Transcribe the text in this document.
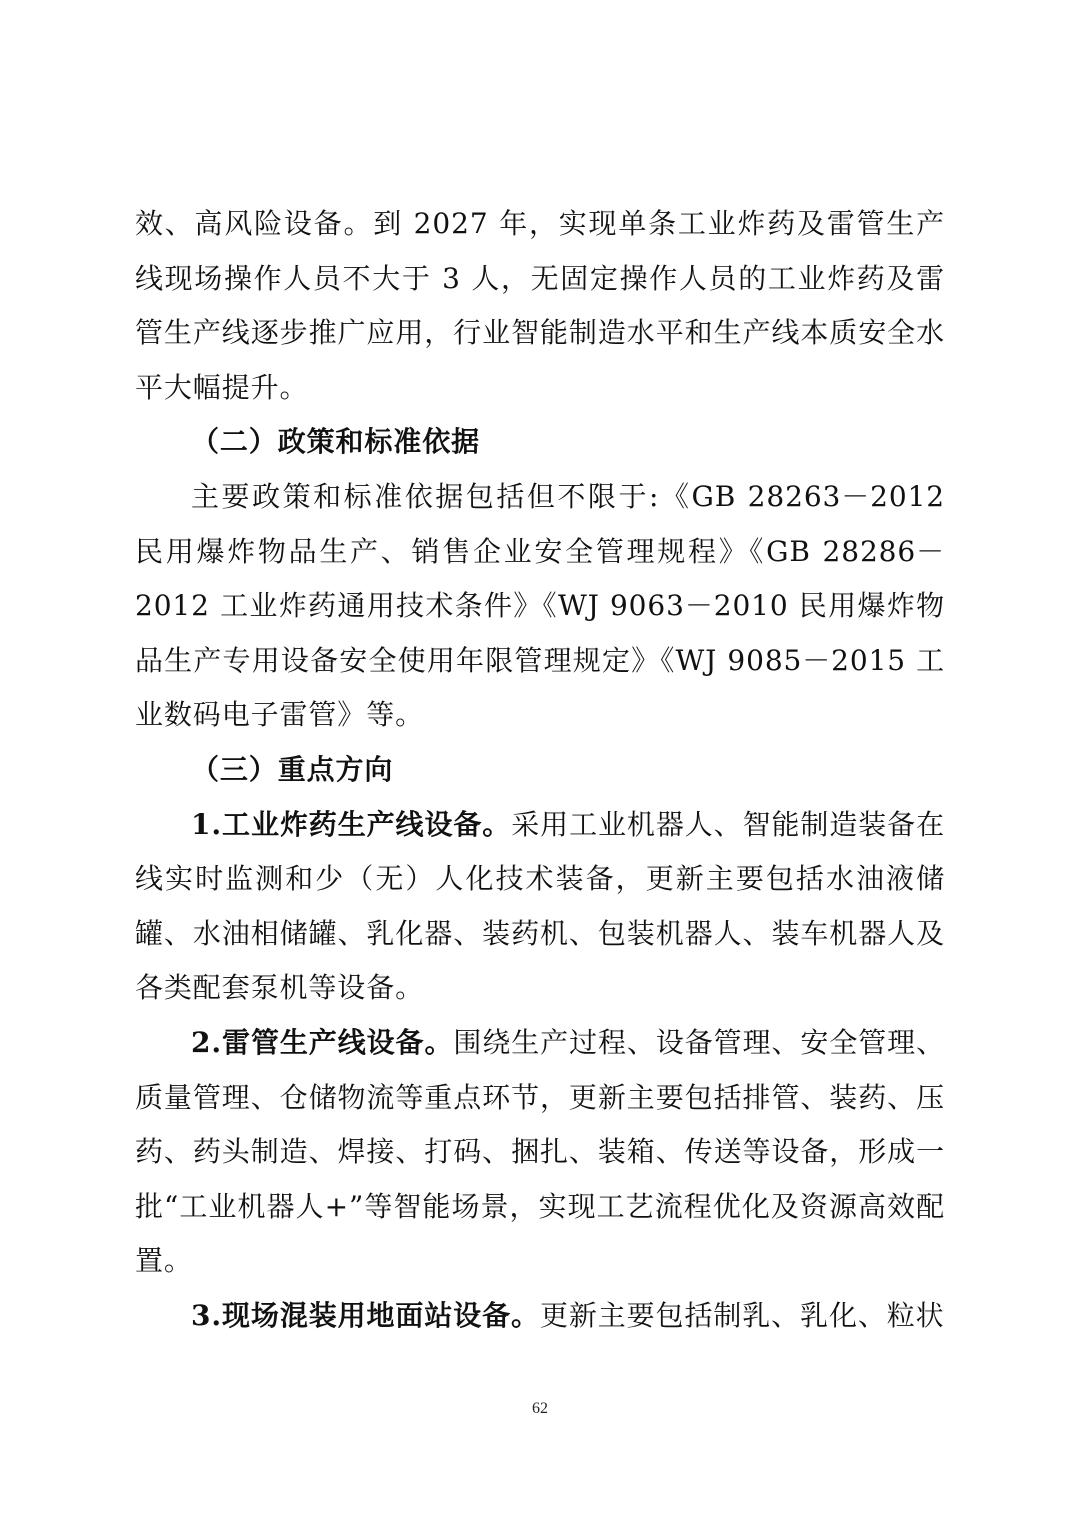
效、高风险设备。到 2027 年，实现单条工业炸药及雷管生产线现场操作人员不大于 3 人，无固定操作人员的工业炸药及雷管生产线逐步推广应用，行业智能制造水平和生产线本质安全水平大幅提升。

（二）政策和标准依据

主要政策和标准依据包括但不限于:《GB 28263－2012 民用爆炸物品生产、销售企业安全管理规程》《GB 28286－2012 工业炸药通用技术条件》《WJ 9063－2010 民用爆炸物品生产专用设备安全使用年限管理规定》《WJ 9085－2015 工业数码电子雷管》等。

（三）重点方向

1.工业炸药生产线设备。采用工业机器人、智能制造装备在线实时监测和少（无）人化技术装备，更新主要包括水油液储罐、水油相储罐、乳化器、装药机、包装机器人、装车机器人及各类配套泵机等设备。

2.雷管生产线设备。围绕生产过程、设备管理、安全管理、质量管理、仓储物流等重点环节，更新主要包括排管、装药、压药、药头制造、焊接、打码、捆扎、装箱、传送等设备，形成一批“工业机器人+”等智能场景，实现工艺流程优化及资源高效配置。

3.现场混装用地面站设备。更新主要包括制乳、乳化、粒状

62
